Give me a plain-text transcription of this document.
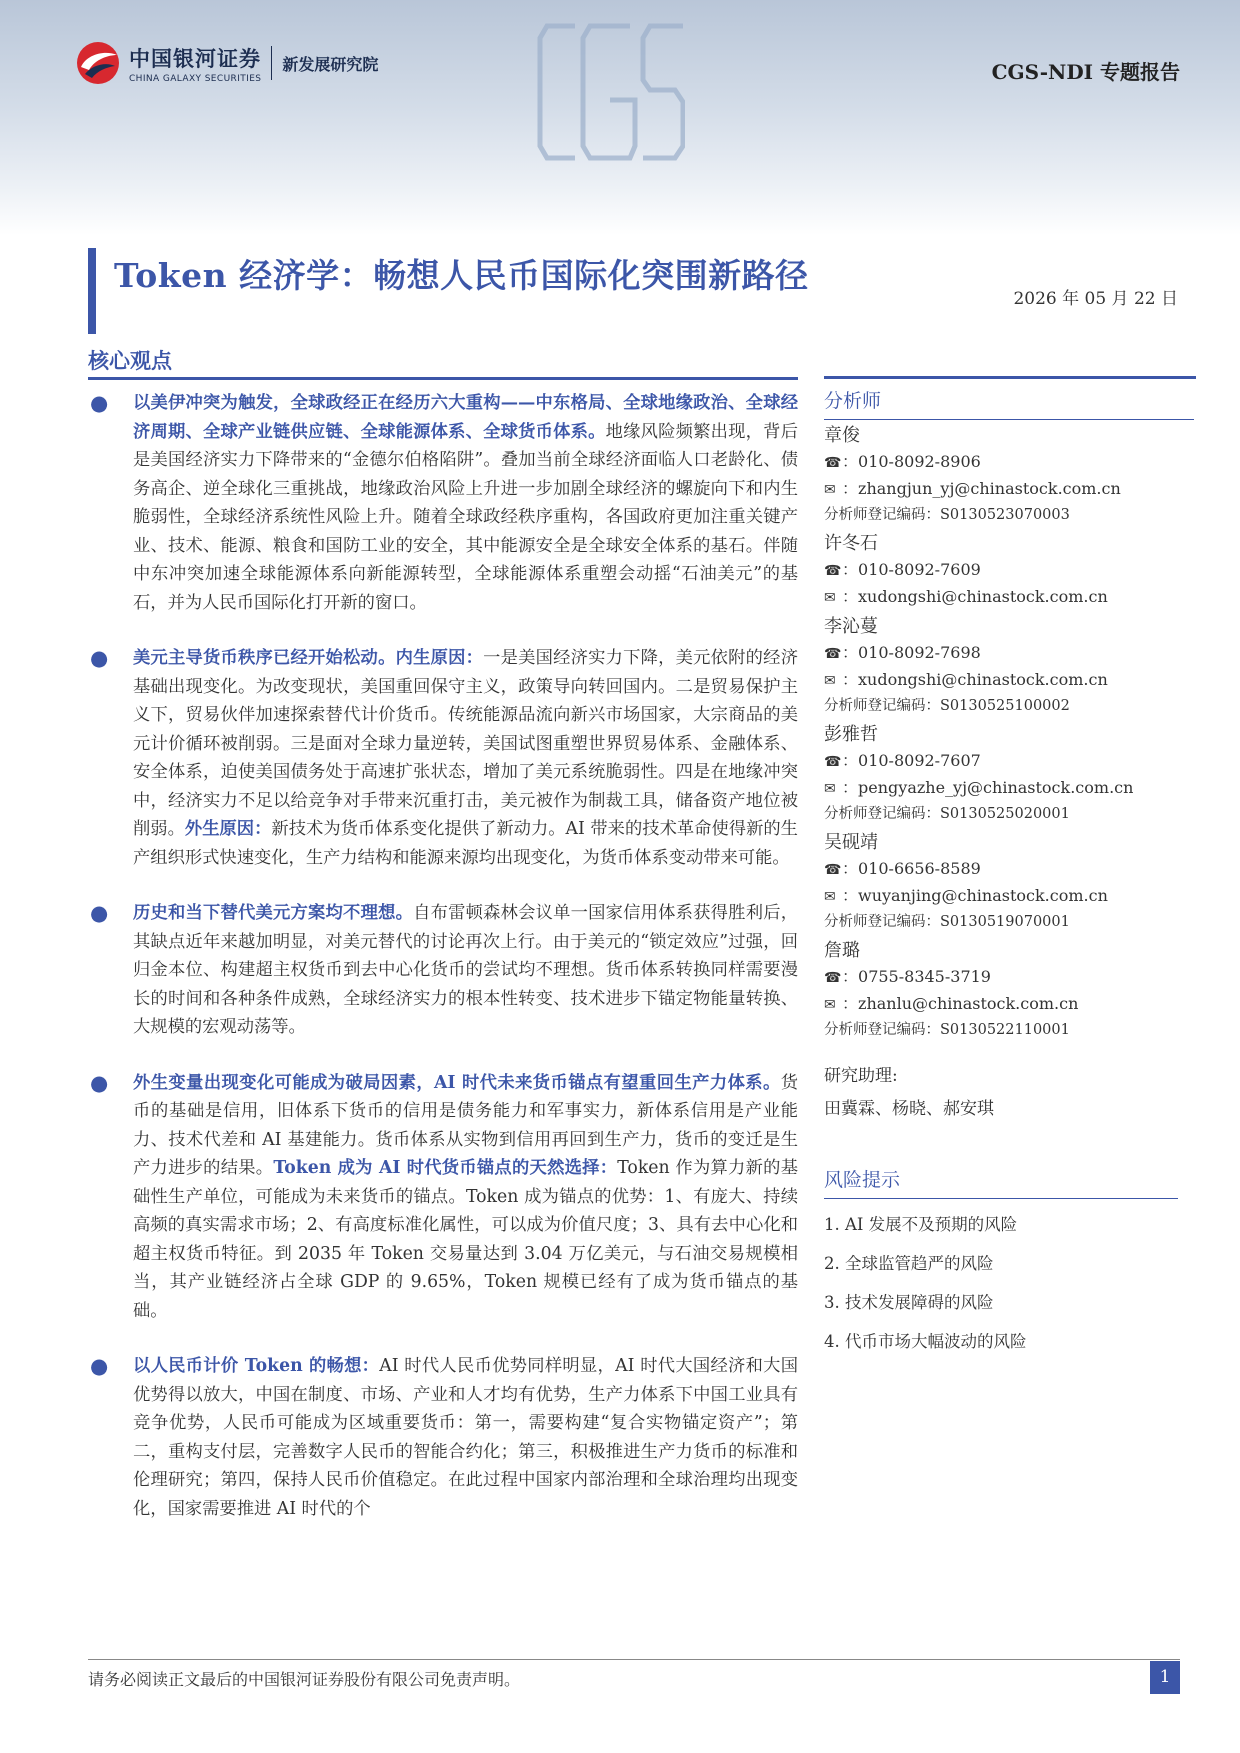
中国银河证券
CHINA GALAXY SECURITIES
新发展研究院	CGS-NDI 专题报告
Token 经济学：畅想人民币国际化突围新路径
2026 年 05 月 22 日
核心观点
●	以美伊冲突为触发，全球政经正在经历六大重构——中东格局、全球地缘政治、全球经济周期、全球产业链供应链、全球能源体系、全球货币体系。地缘风险频繁出现，背后是美国经济实力下降带来的“金德尔伯格陷阱”。叠加当前全球经济面临人口老龄化、债务高企、逆全球化三重挑战，地缘政治风险上升进一步加剧全球经济的螺旋向下和内生脆弱性，全球经济系统性风险上升。随着全球政经秩序重构，各国政府更加注重关键产业、技术、能源、粮食和国防工业的安全，其中能源安全是全球安全体系的基石。伴随中东冲突加速全球能源体系向新能源转型，全球能源体系重塑会动摇“石油美元”的基石，并为人民币国际化打开新的窗口。
●	美元主导货币秩序已经开始松动。内生原因：一是美国经济实力下降，美元依附的经济基础出现变化。为改变现状，美国重回保守主义，政策导向转回国内。二是贸易保护主义下，贸易伙伴加速探索替代计价货币。传统能源品流向新兴市场国家，大宗商品的美元计价循环被削弱。三是面对全球力量逆转，美国试图重塑世界贸易体系、金融体系、安全体系，迫使美国债务处于高速扩张状态，增加了美元系统脆弱性。四是在地缘冲突中，经济实力不足以给竞争对手带来沉重打击，美元被作为制裁工具，储备资产地位被削弱。外生原因：新技术为货币体系变化提供了新动力。AI 带来的技术革命使得新的生产组织形式快速变化，生产力结构和能源来源均出现变化，为货币体系变动带来可能。
●	历史和当下替代美元方案均不理想。自布雷顿森林会议单一国家信用体系获得胜利后，其缺点近年来越加明显，对美元替代的讨论再次上行。由于美元的“锁定效应”过强，回归金本位、构建超主权货币到去中心化货币的尝试均不理想。货币体系转换同样需要漫长的时间和各种条件成熟，全球经济实力的根本性转变、技术进步下锚定物能量转换、大规模的宏观动荡等。
●	外生变量出现变化可能成为破局因素，AI 时代未来货币锚点有望重回生产力体系。货币的基础是信用，旧体系下货币的信用是债务能力和军事实力，新体系信用是产业能力、技术代差和 AI 基建能力。货币体系从实物到信用再回到生产力，货币的变迁是生产力进步的结果。Token 成为 AI 时代货币锚点的天然选择：Token 作为算力新的基础性生产单位，可能成为未来货币的锚点。Token 成为锚点的优势：1、有庞大、持续高频的真实需求市场；2、有高度标准化属性，可以成为价值尺度；3、具有去中心化和超主权货币特征。到 2035 年 Token 交易量达到 3.04 万亿美元，与石油交易规模相当，其产业链经济占全球 GDP 的 9.65%，Token 规模已经有了成为货币锚点的基础。
●	以人民币计价 Token 的畅想：AI 时代人民币优势同样明显，AI 时代大国经济和大国优势得以放大，中国在制度、市场、产业和人才均有优势，生产力体系下中国工业具有竞争优势，人民币可能成为区域重要货币：第一，需要构建“复合实物锚定资产”；第二，重构支付层，完善数字人民币的智能合约化；第三，积极推进生产力货币的标准和伦理研究；第四，保持人民币价值稳定。在此过程中国家内部治理和全球治理均出现变化，国家需要推进 AI 时代的个
分析师
章俊
☎：010-8092-8906
✉ ：zhangjun_yj@chinastock.com.cn
分析师登记编码：S0130523070003
许冬石
☎：010-8092-7609
✉ ：xudongshi@chinastock.com.cn
李沁蔓
☎：010-8092-7698
✉ ：xudongshi@chinastock.com.cn
分析师登记编码：S0130525100002
彭雅哲
☎：010-8092-7607
✉ ：pengyazhe_yj@chinastock.com.cn
分析师登记编码：S0130525020001
吴砚靖
☎：010-6656-8589
✉ ：wuyanjing@chinastock.com.cn
分析师登记编码：S0130519070001
詹璐
☎：0755-8345-3719
✉ ：zhanlu@chinastock.com.cn
分析师登记编码：S0130522110001
研究助理:
田冀霖、杨晓、郝安琪
风险提示
1. AI 发展不及预期的风险
2. 全球监管趋严的风险
3. 技术发展障碍的风险
4. 代币市场大幅波动的风险
请务必阅读正文最后的中国银河证券股份有限公司免责声明。	1
